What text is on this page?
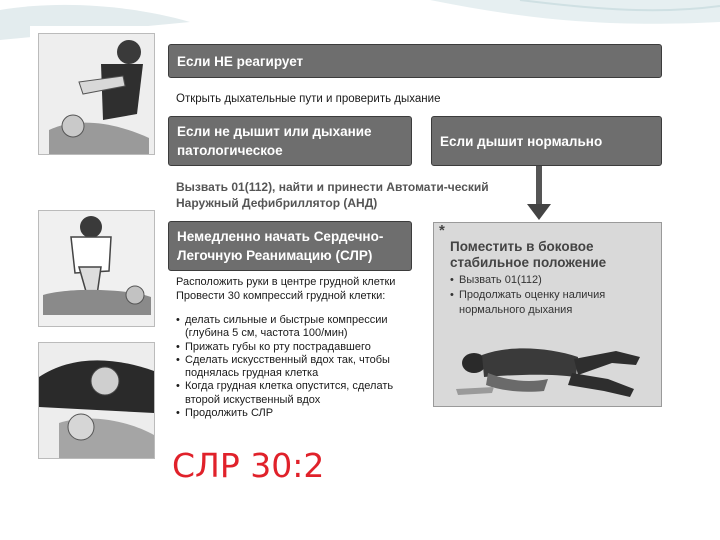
Если НЕ реагирует
Открыть дыхательные пути и проверить дыхание
Если не дышит или дыхание патологическое
Если дышит нормально
Вызвать 01(112), найти и принести Автомати-ческий Наружный Дефибриллятор (АНД)
Немедленно начать Сердечно-Легочную Реанимацию (СЛР)
Расположить руки в центре грудной клетки
Провести 30 компрессий грудной клетки:
• делать сильные и быстрые компрессии (глубина 5 см, частота 100/мин)
• Прижать губы ко рту пострадавшего
• Сделать искусственный вдох так, чтобы поднялась грудная клетка
• Когда грудная клетка опустится, сделать второй искуственный вдох
• Продолжить СЛР
*
Поместить в боковое стабильное положение
• Вызвать 01(112)
• Продолжать оценку наличия нормального дыхания
СЛР 30:2
